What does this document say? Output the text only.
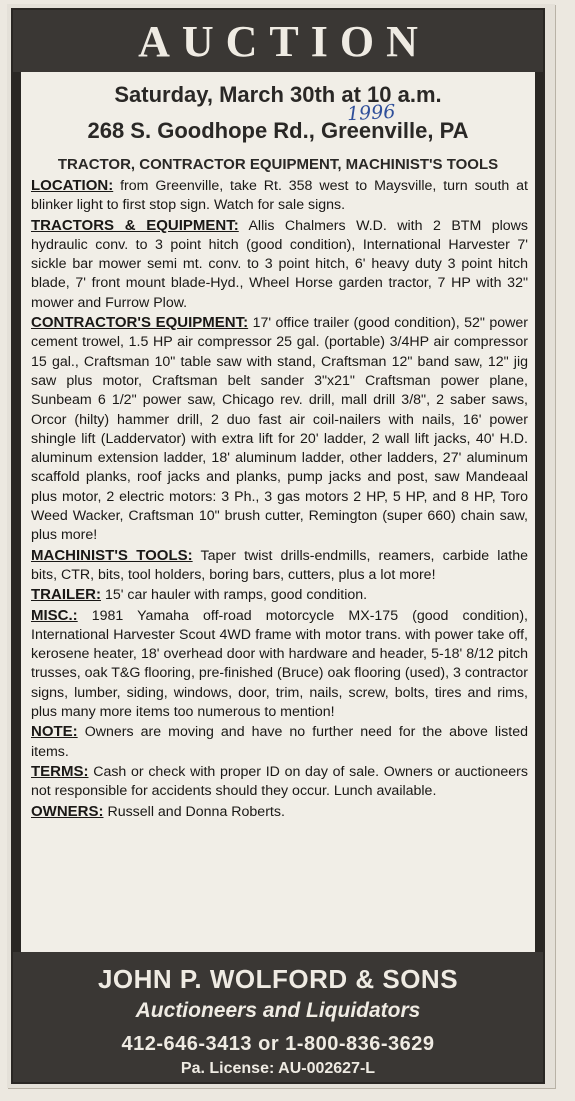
AUCTION
Saturday, March 30th at 10 a.m.
1996
268 S. Goodhope Rd., Greenville, PA
TRACTOR, CONTRACTOR EQUIPMENT, MACHINIST'S TOOLS

LOCATION: from Greenville, take Rt. 358 west to Maysville, turn south at blinker light to first stop sign. Watch for sale signs.

TRACTORS & EQUIPMENT: Allis Chalmers W.D. with 2 BTM plows hydraulic conv. to 3 point hitch (good condition), International Harvester 7' sickle bar mower semi mt. conv. to 3 point hitch, 6' heavy duty 3 point hitch blade, 7' front mount blade-Hyd., Wheel Horse garden tractor, 7 HP with 32" mower and Furrow Plow.

CONTRACTOR'S EQUIPMENT: 17' office trailer (good condition), 52" power cement trowel, 1.5 HP air compressor 25 gal. (portable) 3/4HP air compressor 15 gal., Craftsman 10" table saw with stand, Craftsman 12" band saw, 12" jig saw plus motor, Craftsman belt sander 3"x21" Craftsman power plane, Sunbeam 6 1/2" power saw, Chicago rev. drill, mall drill 3/8", 2 saber saws, Orcor (hilty) hammer drill, 2 duo fast air coil-nailers with nails, 16' power shingle lift (Laddervator) with extra lift for 20' ladder, 2 wall lift jacks, 40' H.D. aluminum extension ladder, 18' aluminum ladder, other ladders, 27' aluminum scaffold planks, roof jacks and planks, pump jacks and post, saw Mandeaal plus motor, 2 electric motors: 3 Ph., 3 gas motors 2 HP, 5 HP, and 8 HP, Toro Weed Wacker, Craftsman 10" brush cutter, Remington (super 660) chain saw, plus more!

MACHINIST'S TOOLS: Taper twist drills-endmills, reamers, carbide lathe bits, CTR, bits, tool holders, boring bars, cutters, plus a lot more!

TRAILER: 15' car hauler with ramps, good condition.

MISC.: 1981 Yamaha off-road motorcycle MX-175 (good condition), International Harvester Scout 4WD frame with motor trans. with power take off, kerosene heater, 18' overhead door with hardware and header, 5-18' 8/12 pitch trusses, oak T&G flooring, pre-finished (Bruce) oak flooring (used), 3 contractor signs, lumber, siding, windows, door, trim, nails, screw, bolts, tires and rims, plus many more items too numerous to mention!

NOTE: Owners are moving and have no further need for the above listed items.

TERMS: Cash or check with proper ID on day of sale. Owners or auctioneers not responsible for accidents should they occur. Lunch available.

OWNERS: Russell and Donna Roberts.

JOHN P. WOLFORD & SONS
Auctioneers and Liquidators
412-646-3413 or 1-800-836-3629
Pa. License: AU-002627-L
